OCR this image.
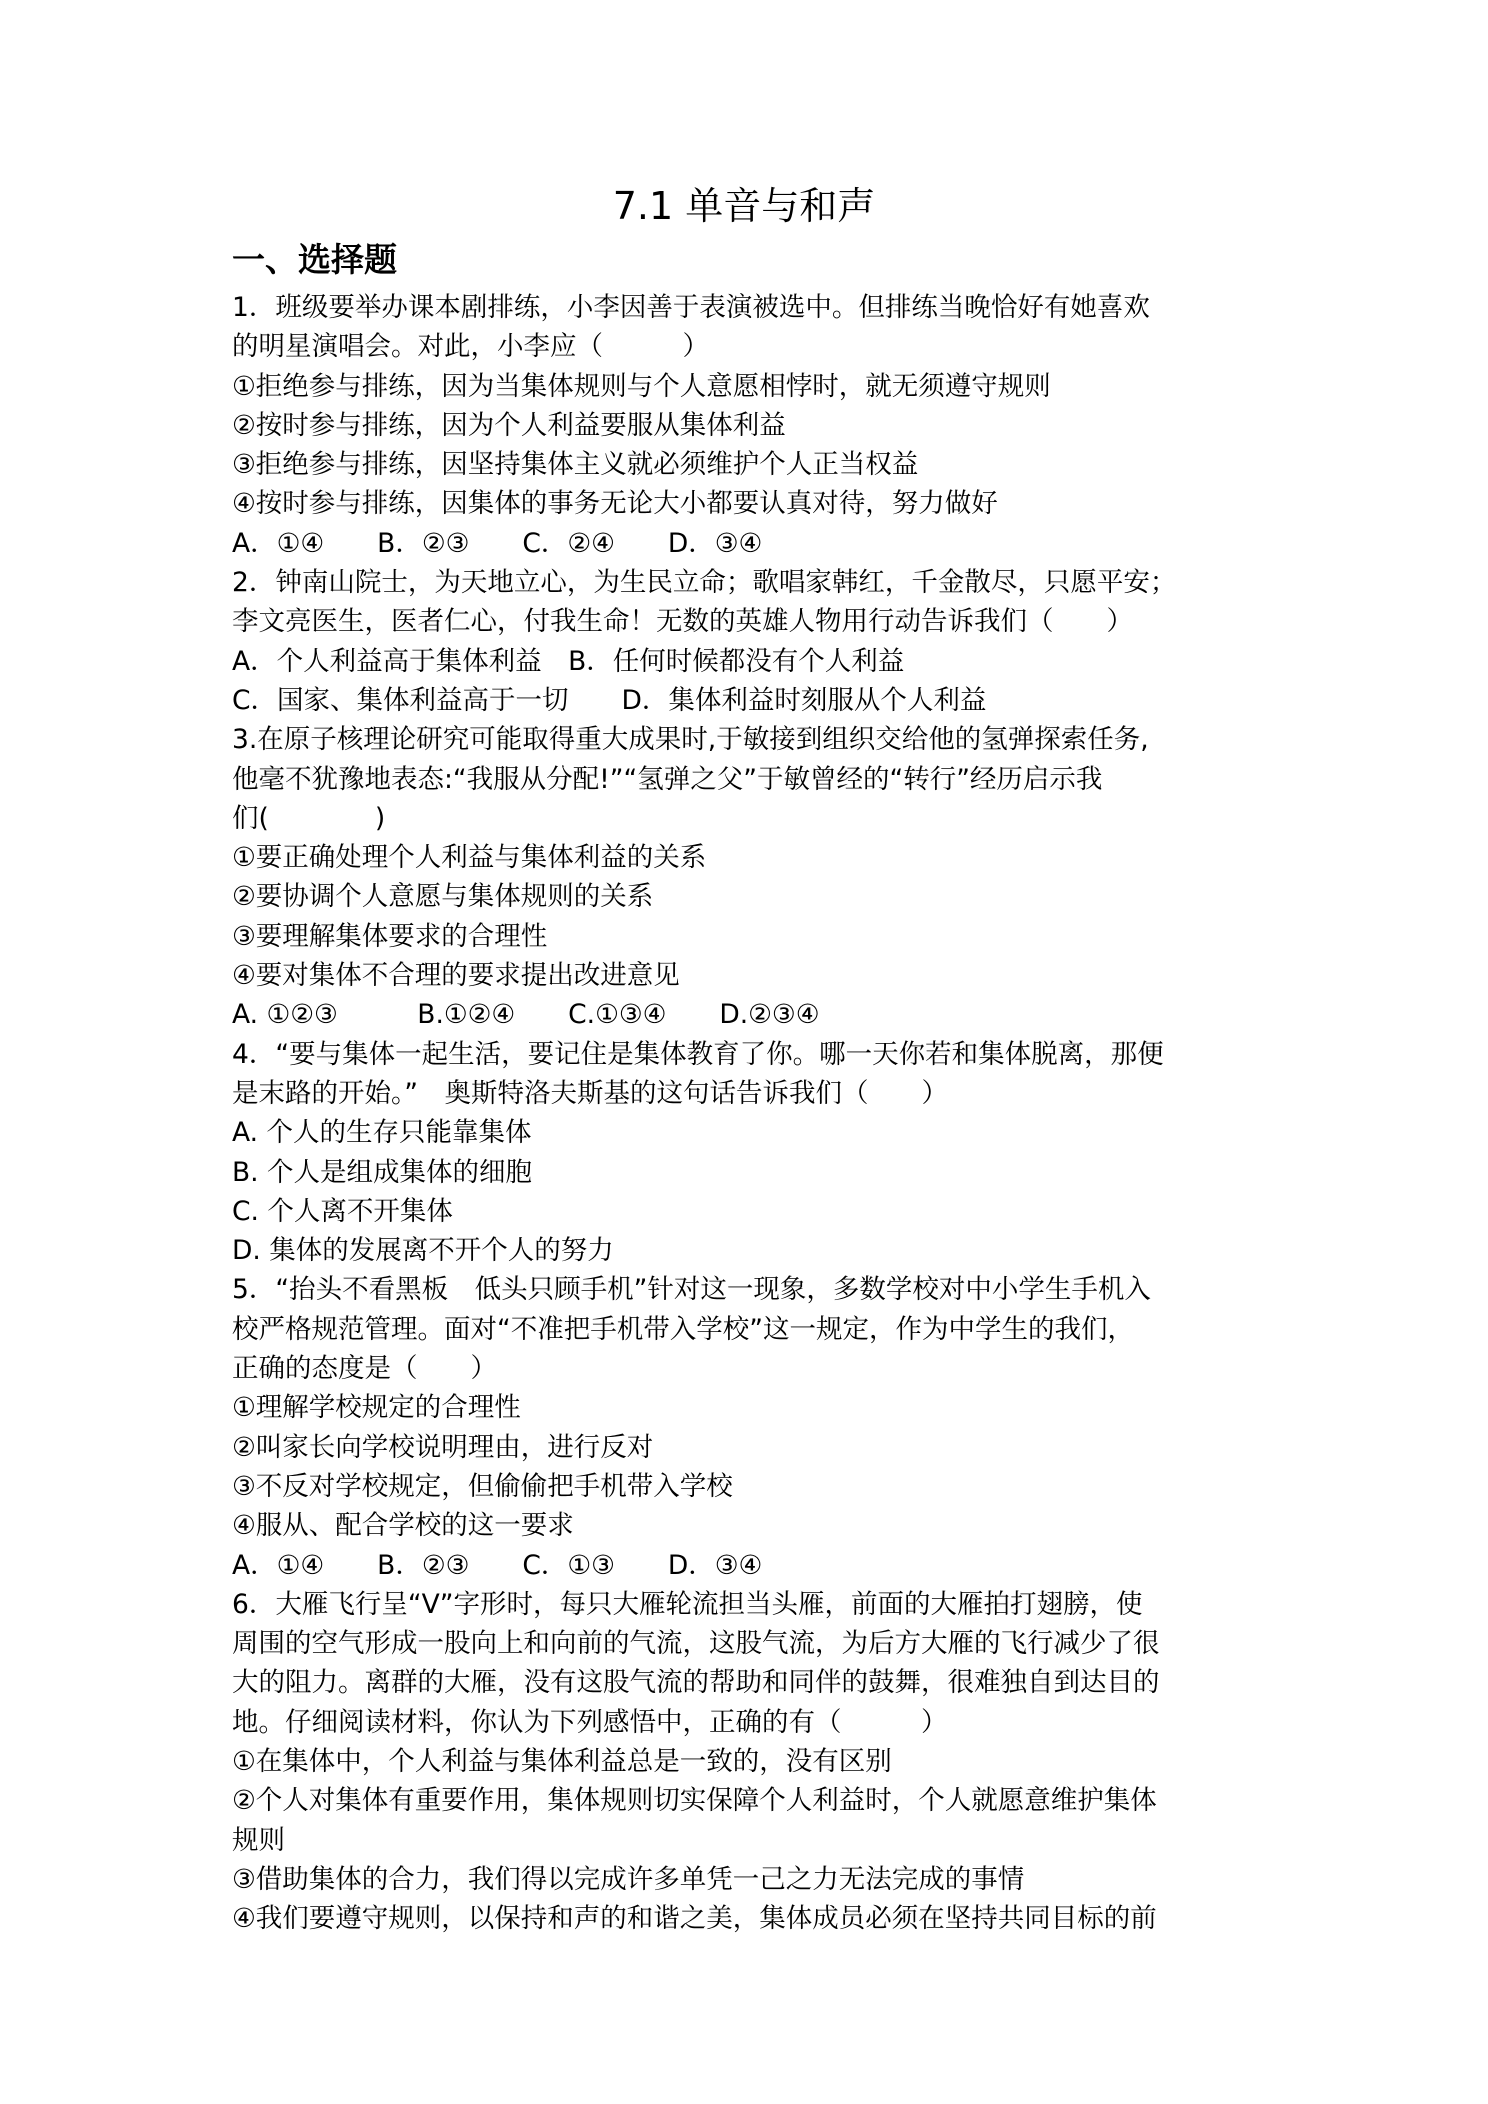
7.1 单音与和声
一、选择题
1．班级要举办课本剧排练，小李因善于表演被选中。但排练当晚恰好有她喜欢
的明星演唱会。对此，小李应（　　　）
①拒绝参与排练，因为当集体规则与个人意愿相悖时，就无须遵守规则
②按时参与排练，因为个人利益要服从集体利益
③拒绝参与排练，因坚持集体主义就必须维护个人正当权益
④按时参与排练，因集体的事务无论大小都要认真对待，努力做好
A．①④　　B．②③　　C．②④　　D．③④
2．钟南山院士，为天地立心，为生民立命；歌唱家韩红，千金散尽，只愿平安；
李文亮医生，医者仁心，付我生命！无数的英雄人物用行动告诉我们（　　）
A．个人利益高于集体利益　B．任何时候都没有个人利益
C．国家、集体利益高于一切　　D．集体利益时刻服从个人利益
3.在原子核理论研究可能取得重大成果时,于敏接到组织交给他的氢弹探索任务,
他毫不犹豫地表态:“我服从分配!”“氢弹之父”于敏曾经的“转行”经历启示我
们(　　　　)
①要正确处理个人利益与集体利益的关系
②要协调个人意愿与集体规则的关系
③要理解集体要求的合理性
④要对集体不合理的要求提出改进意见
A. ①②③　　　B.①②④　　C.①③④　　D.②③④
4．“要与集体一起生活，要记住是集体教育了你。哪一天你若和集体脱离，那便
是末路的开始。”　奥斯特洛夫斯基的这句话告诉我们（　　）
A. 个人的生存只能靠集体
B. 个人是组成集体的细胞
C. 个人离不开集体
D. 集体的发展离不开个人的努力
5．“抬头不看黑板　低头只顾手机”针对这一现象，多数学校对中小学生手机入
校严格规范管理。面对“不准把手机带入学校”这一规定，作为中学生的我们，
正确的态度是（　　）
①理解学校规定的合理性
②叫家长向学校说明理由，进行反对
③不反对学校规定，但偷偷把手机带入学校
④服从、配合学校的这一要求
A．①④　　B．②③　　C．①③　　D．③④
6．大雁飞行呈“V”字形时，每只大雁轮流担当头雁，前面的大雁拍打翅膀，使
周围的空气形成一股向上和向前的气流，这股气流，为后方大雁的飞行减少了很
大的阻力。离群的大雁，没有这股气流的帮助和同伴的鼓舞，很难独自到达目的
地。仔细阅读材料，你认为下列感悟中，正确的有（　　　）
①在集体中，个人利益与集体利益总是一致的，没有区别
②个人对集体有重要作用，集体规则切实保障个人利益时，个人就愿意维护集体
规则
③借助集体的合力，我们得以完成许多单凭一己之力无法完成的事情
④我们要遵守规则，以保持和声的和谐之美，集体成员必须在坚持共同目标的前
